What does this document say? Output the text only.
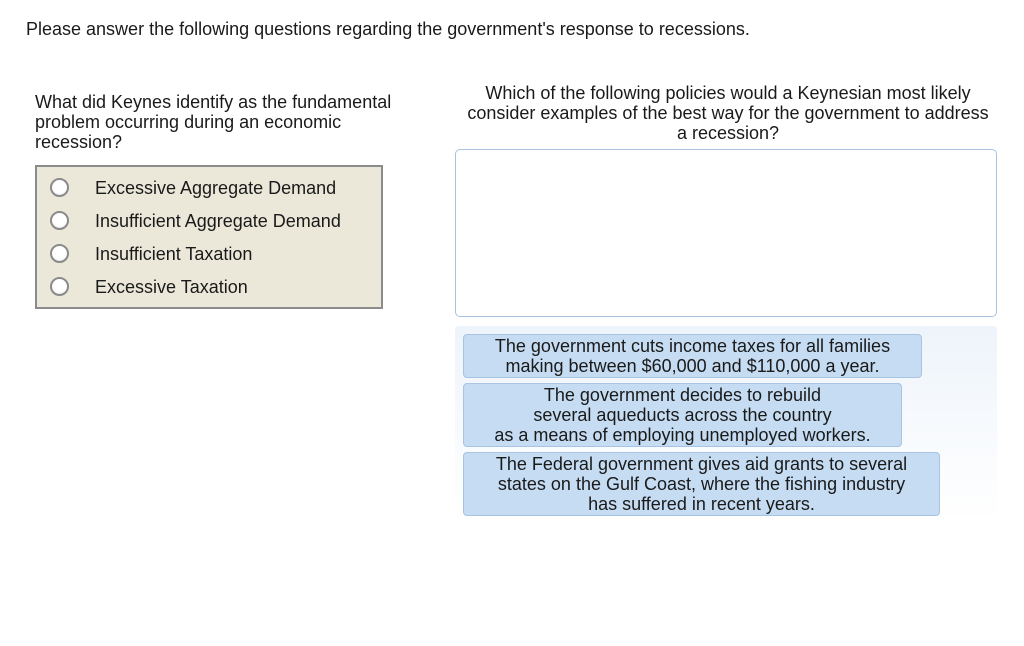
Please answer the following questions regarding the government's response to recessions.
What did Keynes identify as the fundamental problem occurring during an economic recession?
Excessive Aggregate Demand
Insufficient Aggregate Demand
Insufficient Taxation
Excessive Taxation
Which of the following policies would a Keynesian most likely consider examples of the best way for the government to address a recession?
The government cuts income taxes for all families
making between $60,000 and $110,000 a year.
The government decides to rebuild
several aqueducts across the country
as a means of employing unemployed workers.
The Federal government gives aid grants to several
states on the Gulf Coast, where the fishing industry
has suffered in recent years.
